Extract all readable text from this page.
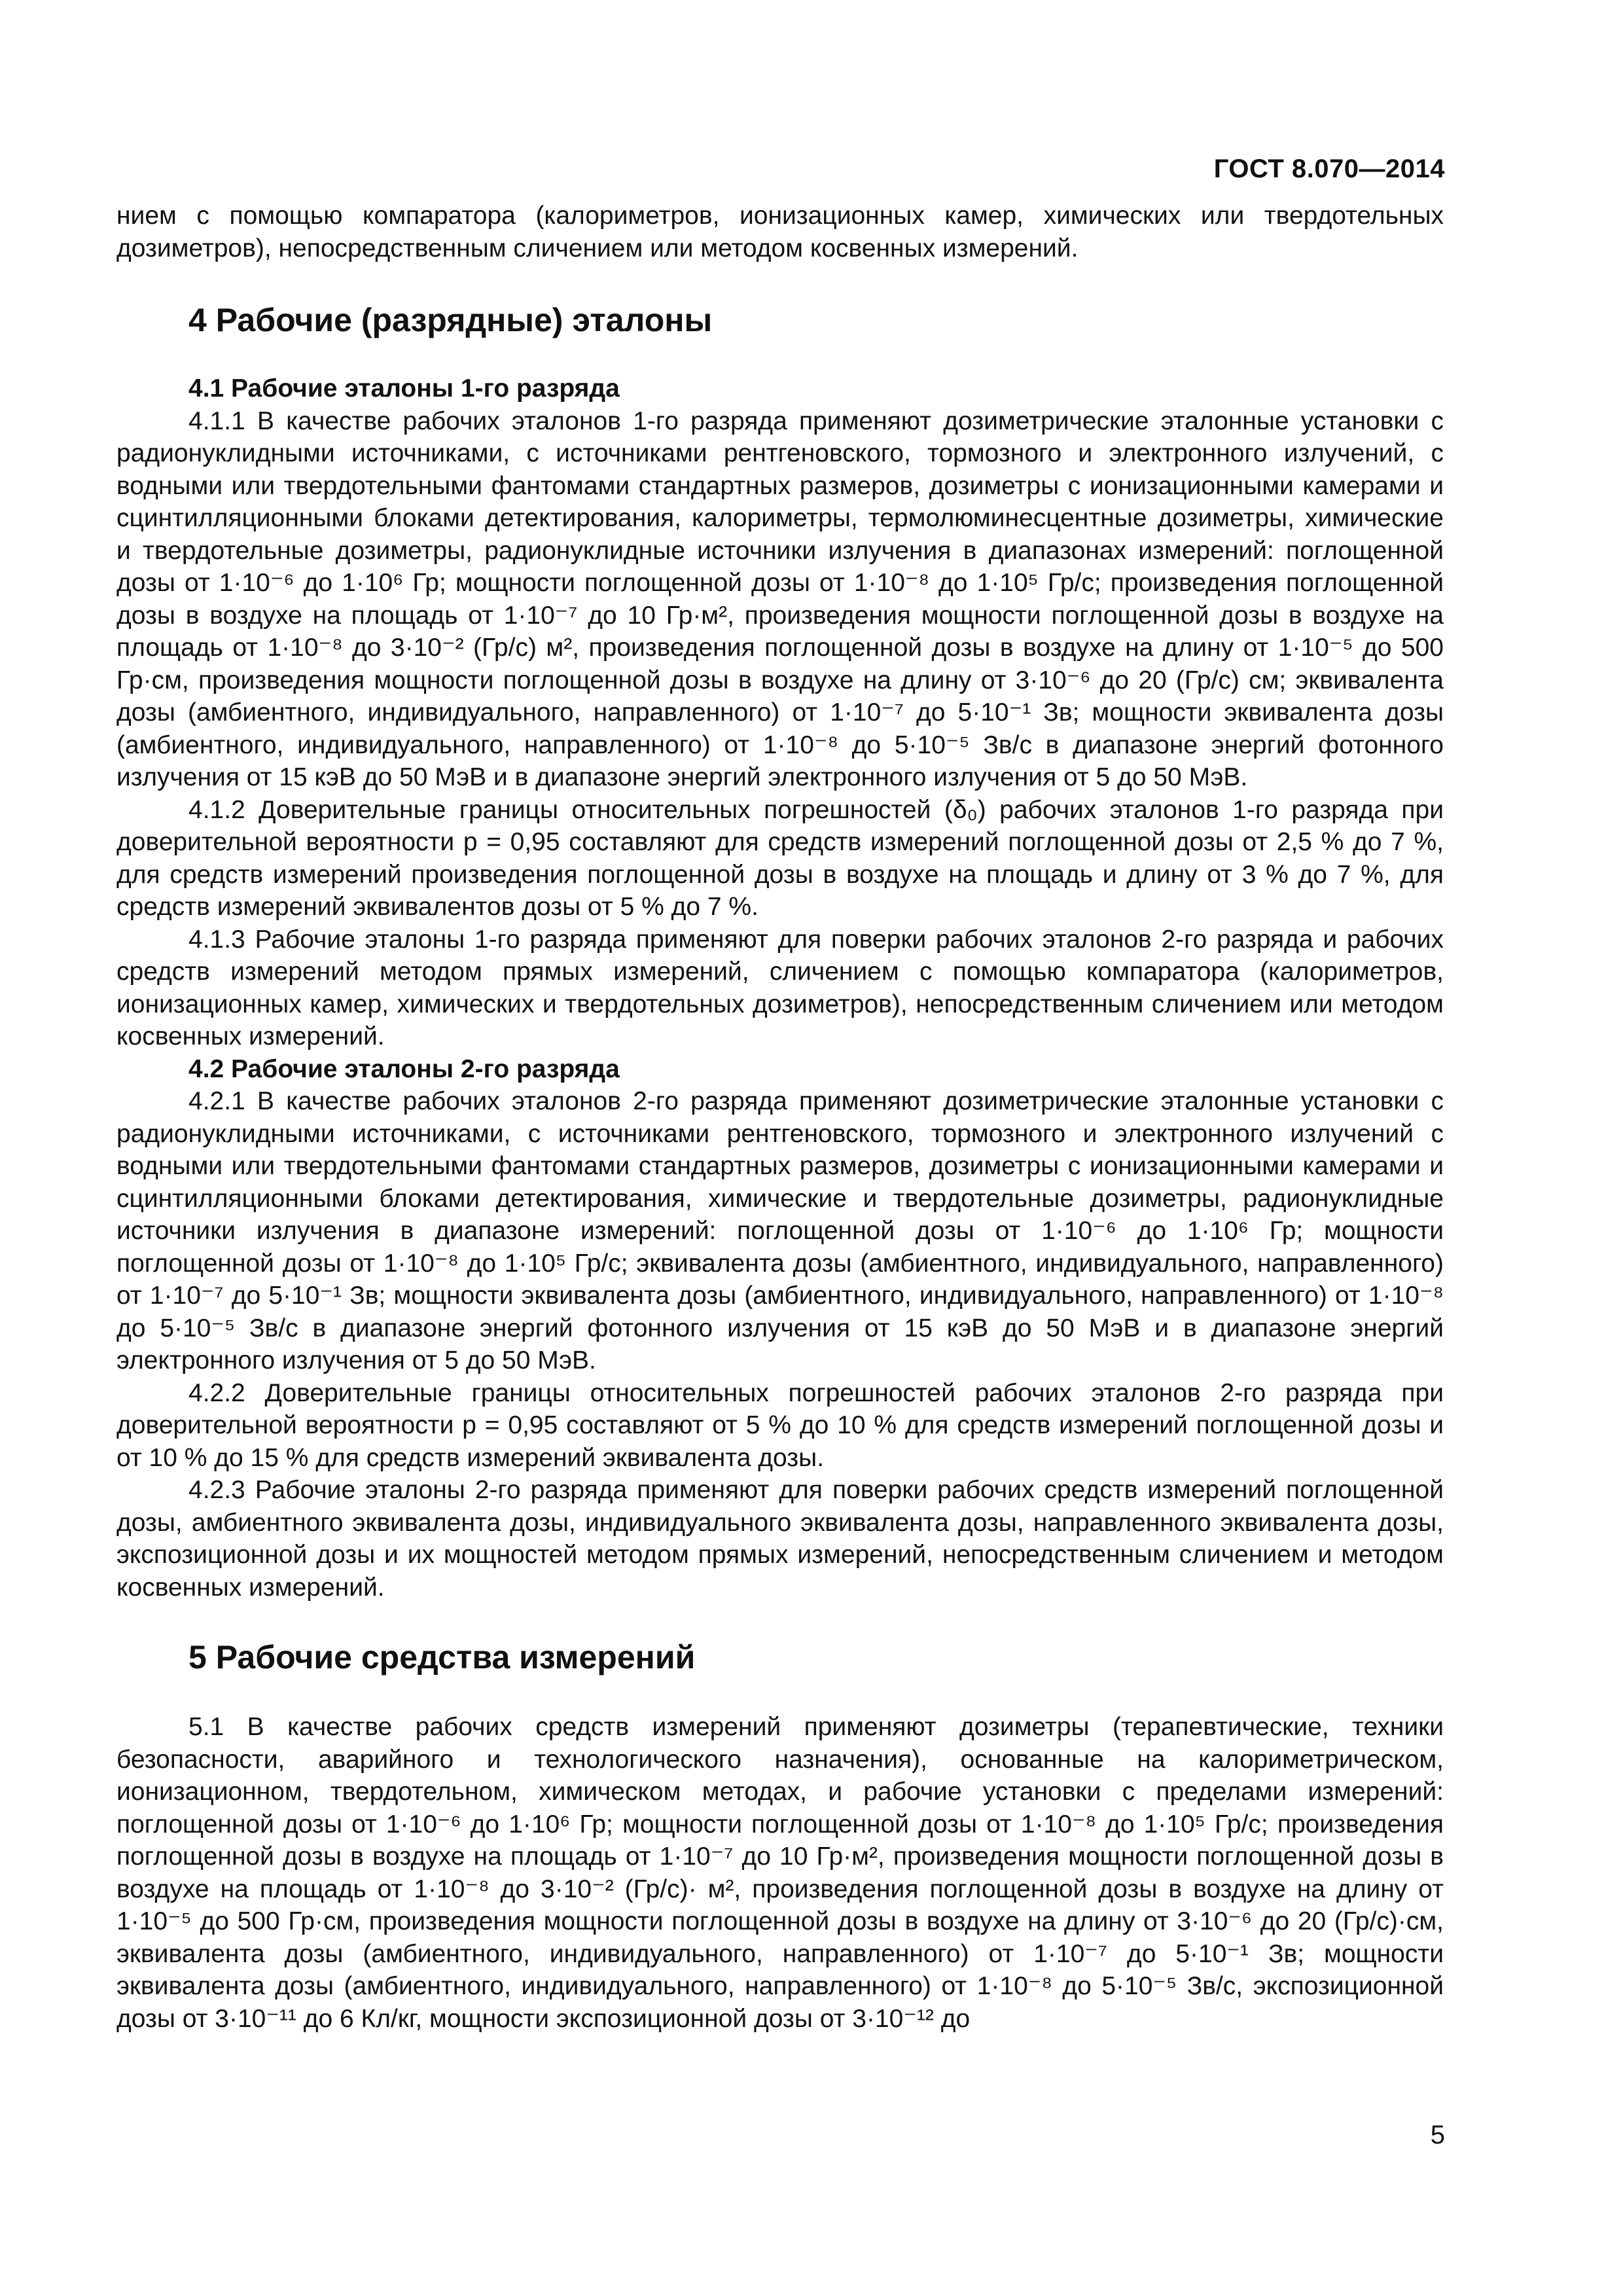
ГОСТ 8.070—2014

нием с помощью компаратора (калориметров, ионизационных камер, химических или твердотельных дозиметров), непосредственным сличением или методом косвенных измерений.

4 Рабочие (разрядные) эталоны
4.1 Рабочие эталоны 1-го разряда

4.1.1 В качестве рабочих эталонов 1-го разряда применяют дозиметрические эталонные установки с радионуклидными источниками, с источниками рентгеновского, тормозного и электронного излучений, с водными или твердотельными фантомами стандартных размеров, дозиметры с ионизационными камерами и сцинтилляционными блоками детектирования, калориметры, термолюминесцентные дозиметры, химические и твердотельные дозиметры, радионуклидные источники излучения в диапазонах измерений: поглощенной дозы от 1·10⁻⁶ до 1·10⁶ Гр; мощности поглощенной дозы от 1·10⁻⁸ до 1·10⁵ Гр/с; произведения поглощенной дозы в воздухе на площадь от 1·10⁻⁷ до 10 Гр·м², произведения мощности поглощенной дозы в воздухе на площадь от 1·10⁻⁸ до 3·10⁻² (Гр/с) м², произведения поглощенной дозы в воздухе на длину от 1·10⁻⁵ до 500 Гр·см, произведения мощности поглощенной дозы в воздухе на длину от 3·10⁻⁶ до 20 (Гр/с) см; эквивалента дозы (амбиентного, индивидуального, направленного) от 1·10⁻⁷ до 5·10⁻¹ Зв; мощности эквивалента дозы (амбиентного, индивидуального, направленного) от 1·10⁻⁸ до 5·10⁻⁵ Зв/с в диапазоне энергий фотонного излучения от 15 кэВ до 50 МэВ и в диапазоне энергий электронного излучения от 5 до 50 МэВ.

4.1.2 Доверительные границы относительных погрешностей (δ₀) рабочих эталонов 1-го разряда при доверительной вероятности р = 0,95 составляют для средств измерений поглощенной дозы от 2,5 % до 7 %, для средств измерений произведения поглощенной дозы в воздухе на площадь и длину от 3 % до 7 %, для средств измерений эквивалентов дозы от 5 % до 7 %.

4.1.3 Рабочие эталоны 1-го разряда применяют для поверки рабочих эталонов 2-го разряда и рабочих средств измерений методом прямых измерений, сличением с помощью компаратора (калориметров, ионизационных камер, химических и твердотельных дозиметров), непосредственным сличением или методом косвенных измерений.

4.2 Рабочие эталоны 2-го разряда

4.2.1 В качестве рабочих эталонов 2-го разряда применяют дозиметрические эталонные установки с радионуклидными источниками, с источниками рентгеновского, тормозного и электронного излучений с водными или твердотельными фантомами стандартных размеров, дозиметры с ионизационными камерами и сцинтилляционными блоками детектирования, химические и твердотельные дозиметры, радионуклидные источники излучения в диапазоне измерений: поглощенной дозы от 1·10⁻⁶ до 1·10⁶ Гр; мощности поглощенной дозы от 1·10⁻⁸ до 1·10⁵ Гр/с; эквивалента дозы (амбиентного, индивидуального, направленного) от 1·10⁻⁷ до 5·10⁻¹ Зв; мощности эквивалента дозы (амбиентного, индивидуального, направленного) от 1·10⁻⁸ до 5·10⁻⁵ Зв/с в диапазоне энергий фотонного излучения от 15 кэВ до 50 МэВ и в диапазоне энергий электронного излучения от 5 до 50 МэВ.

4.2.2 Доверительные границы относительных погрешностей рабочих эталонов 2-го разряда при доверительной вероятности р = 0,95 составляют от 5 % до 10 % для средств измерений поглощенной дозы и от 10 % до 15 % для средств измерений эквивалента дозы.

4.2.3 Рабочие эталоны 2-го разряда применяют для поверки рабочих средств измерений поглощенной дозы, амбиентного эквивалента дозы, индивидуального эквивалента дозы, направленного эквивалента дозы, экспозиционной дозы и их мощностей методом прямых измерений, непосредственным сличением и методом косвенных измерений.

5 Рабочие средства измерений

5.1 В качестве рабочих средств измерений применяют дозиметры (терапевтические, техники безопасности, аварийного и технологического назначения), основанные на калориметрическом, ионизационном, твердотельном, химическом методах, и рабочие установки с пределами измерений: поглощенной дозы от 1·10⁻⁶ до 1·10⁶ Гр; мощности поглощенной дозы от 1·10⁻⁸ до 1·10⁵ Гр/с; произведения поглощенной дозы в воздухе на площадь от 1·10⁻⁷ до 10 Гр·м², произведения мощности поглощенной дозы в воздухе на площадь от 1·10⁻⁸ до 3·10⁻² (Гр/с)· м², произведения поглощенной дозы в воздухе на длину от 1·10⁻⁵ до 500 Гр·см, произведения мощности поглощенной дозы в воздухе на длину от 3·10⁻⁶ до 20 (Гр/с)·см, эквивалента дозы (амбиентного, индивидуального, направленного) от 1·10⁻⁷ до 5·10⁻¹ Зв; мощности эквивалента дозы (амбиентного, индивидуального, направленного) от 1·10⁻⁸ до 5·10⁻⁵ Зв/с, экспозиционной дозы от 3·10⁻¹¹ до 6 Кл/кг, мощности экспозиционной дозы от 3·10⁻¹² до

5
